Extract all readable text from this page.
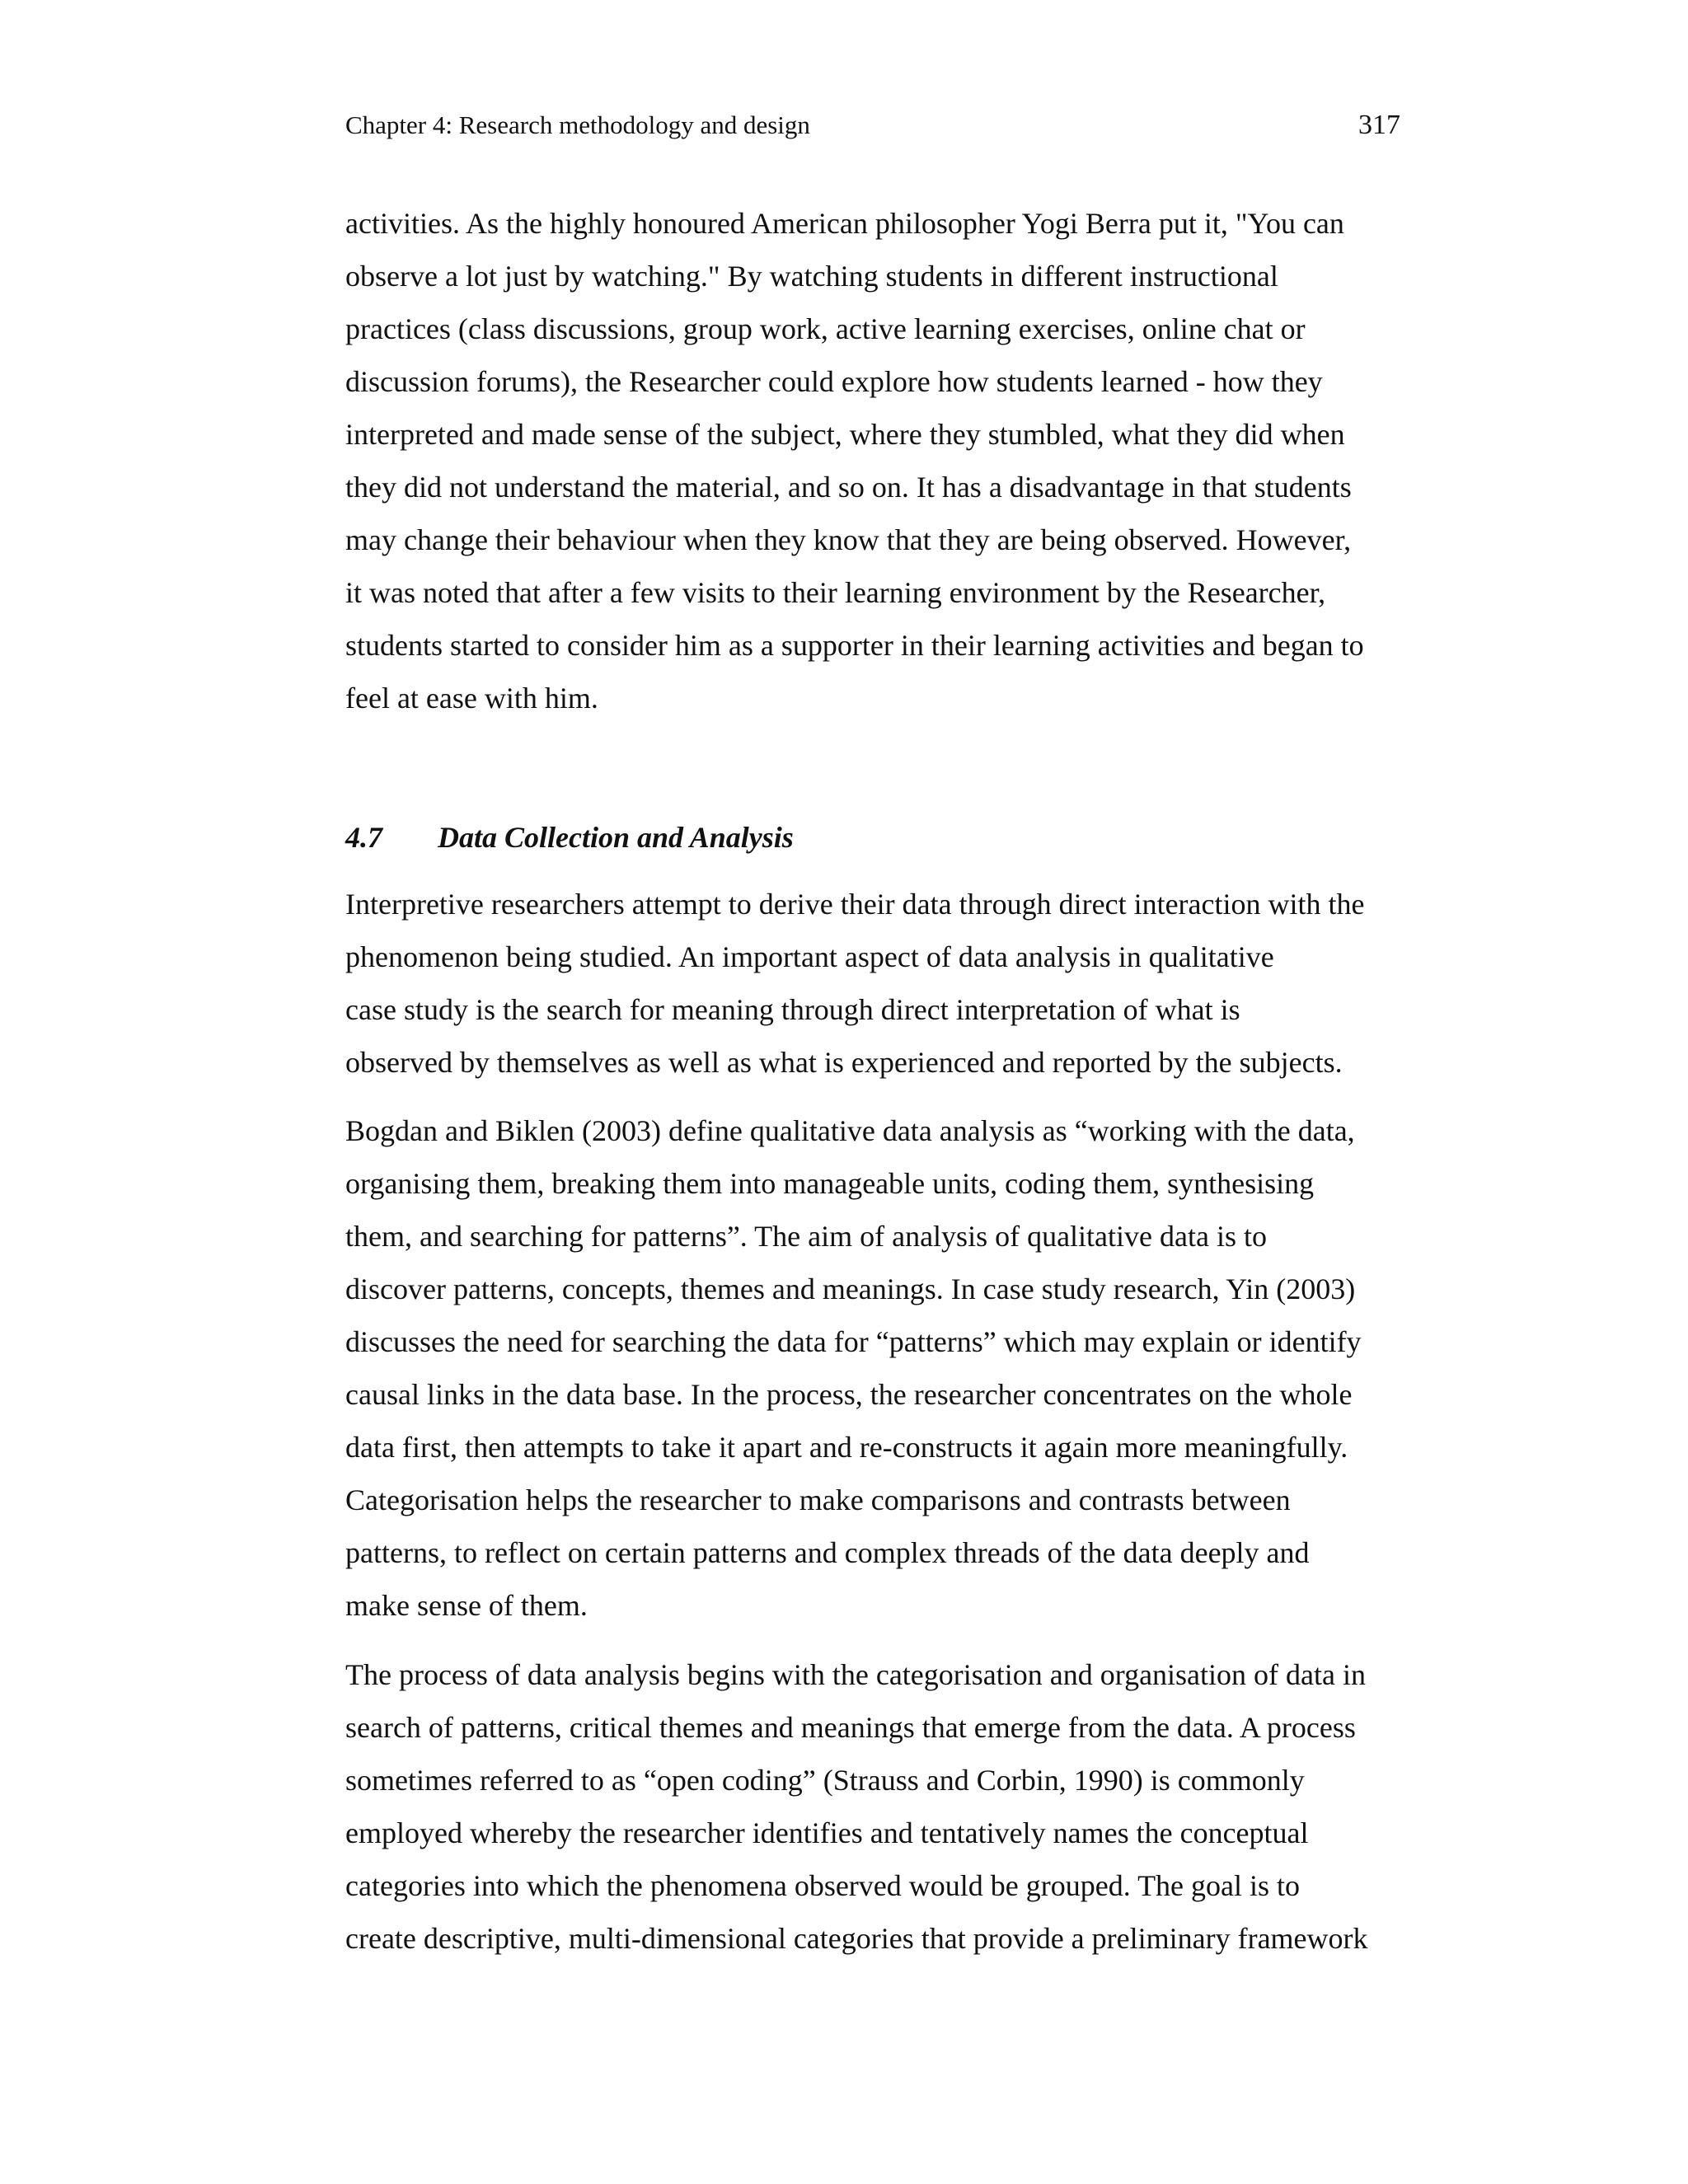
Chapter 4: Research methodology and design	317
activities. As the highly honoured American philosopher Yogi Berra put it, "You can
observe a lot just by watching." By watching students in different instructional
practices (class discussions, group work, active learning exercises, online chat or
discussion forums), the Researcher could explore how students learned - how they
interpreted and made sense of the subject, where they stumbled, what they did when
they did not understand the material, and so on. It has a disadvantage in that students
may change their behaviour when they know that they are being observed. However,
it was noted that after a few visits to their learning environment by the Researcher,
students started to consider him as a supporter in their learning activities and began to
feel at ease with him.
4.7 Data Collection and Analysis
Interpretive researchers attempt to derive their data through direct interaction with the
phenomenon being studied. An important aspect of data analysis in qualitative
case study is the search for meaning through direct interpretation of what is
observed by themselves as well as what is experienced and reported by the subjects.
Bogdan and Biklen (2003) define qualitative data analysis as “working with the data,
organising them, breaking them into manageable units, coding them, synthesising
them, and searching for patterns”. The aim of analysis of qualitative data is to
discover patterns, concepts, themes and meanings. In case study research, Yin (2003)
discusses the need for searching the data for “patterns” which may explain or identify
causal links in the data base. In the process, the researcher concentrates on the whole
data first, then attempts to take it apart and re-constructs it again more meaningfully.
Categorisation helps the researcher to make comparisons and contrasts between
patterns, to reflect on certain patterns and complex threads of the data deeply and
make sense of them.
The process of data analysis begins with the categorisation and organisation of data in
search of patterns, critical themes and meanings that emerge from the data. A process
sometimes referred to as “open coding” (Strauss and Corbin, 1990) is commonly
employed whereby the researcher identifies and tentatively names the conceptual
categories into which the phenomena observed would be grouped. The goal is to
create descriptive, multi-dimensional categories that provide a preliminary framework
